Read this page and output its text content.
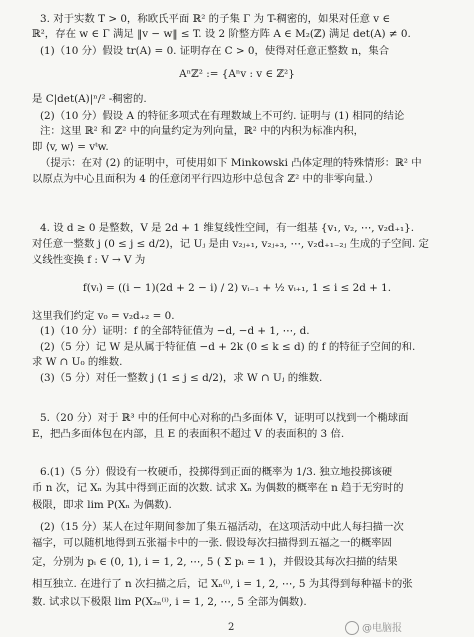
3. 对于实数 T > 0，称欧氏平面 ℝ² 的子集 Γ 为 T-稠密的，如果对任意 v ∈
ℝ²，存在 w ∈ Γ 满足 ‖v − w‖ ≤ T. 设 2 阶整方阵 A ∈ M₂(ℤ) 满足 det(A) ≠ 0.
(1)（10 分）假设 tr(A) = 0. 证明存在 C > 0，使得对任意正整数 n，集合
Aⁿℤ² := {Aⁿv : v ∈ ℤ²}
是 C|det(A)|ⁿ/² -稠密的.
(2)（10 分）假设 A 的特征多项式在有理数域上不可约. 证明与 (1) 相同的结论
注：这里 ℝ² 和 ℤ² 中的向量约定为列向量，ℝ² 中的内积为标准内积，
即 ⟨v, w⟩ = vᵗw.
（提示：在对 (2) 的证明中，可使用如下 Minkowski 凸体定理的特殊情形：ℝ² 中
以原点为中心且面积为 4 的任意闭平行四边形中总包含 ℤ² 中的非零向量.）
4. 设 d ≥ 0 是整数，V 是 2d + 1 维复线性空间，有一组基 {v₁, v₂, ⋯, v₂d₊₁}.
对任意一整数 j (0 ≤ j ≤ d/2)，记 Uⱼ 是由 v₂ⱼ₊₁, v₂ⱼ₊₃, ⋯, v₂d₊₁₋₂ⱼ 生成的子空间. 定
义线性变换 f : V → V 为
f(vᵢ) = ((i − 1)(2d + 2 − i) / 2) vᵢ₋₁ + ½ vᵢ₊₁, 1 ≤ i ≤ 2d + 1.
这里我们约定 v₀ = v₂d₊₂ = 0.
(1)（10 分）证明：f 的全部特征值为 −d, −d + 1, ⋯, d.
(2)（5 分）记 W 是从属于特征值 −d + 2k (0 ≤ k ≤ d) 的 f 的特征子空间的和.
求 W ∩ U₀ 的维数.
(3)（5 分）对任一整数 j (1 ≤ j ≤ d/2)，求 W ∩ Uⱼ 的维数.
5.（20 分）对于 ℝ³ 中的任何中心对称的凸多面体 V，证明可以找到一个椭球面
E，把凸多面体包在内部，且 E 的表面积不超过 V 的表面积的 3 倍.
6.(1)（5 分）假设有一枚硬币，投掷得到正面的概率为 1/3. 独立地投掷该硬
币 n 次，记 Xₙ 为其中得到正面的次数. 试求 Xₙ 为偶数的概率在 n 趋于无穷时的
极限，即求 lim P(Xₙ 为偶数).
(2)（15 分）某人在过年期间参加了集五福活动，在这项活动中此人每扫描一次
福字，可以随机地得到五张福卡中的一张. 假设每次扫描得到五福之一的概率固
定，分别为 pᵢ ∈ (0, 1), i = 1, 2, ⋯, 5 ( Σ pᵢ = 1 )，并假设其每次扫描的结果
相互独立. 在进行了 n 次扫描之后，记 Xₙ⁽ⁱ⁾, i = 1, 2, ⋯, 5 为其得到每种福卡的张
数. 试求以下极限 lim P(X₂ₙ⁽ⁱ⁾, i = 1, 2, ⋯, 5 全部为偶数).
2	@电脑报
